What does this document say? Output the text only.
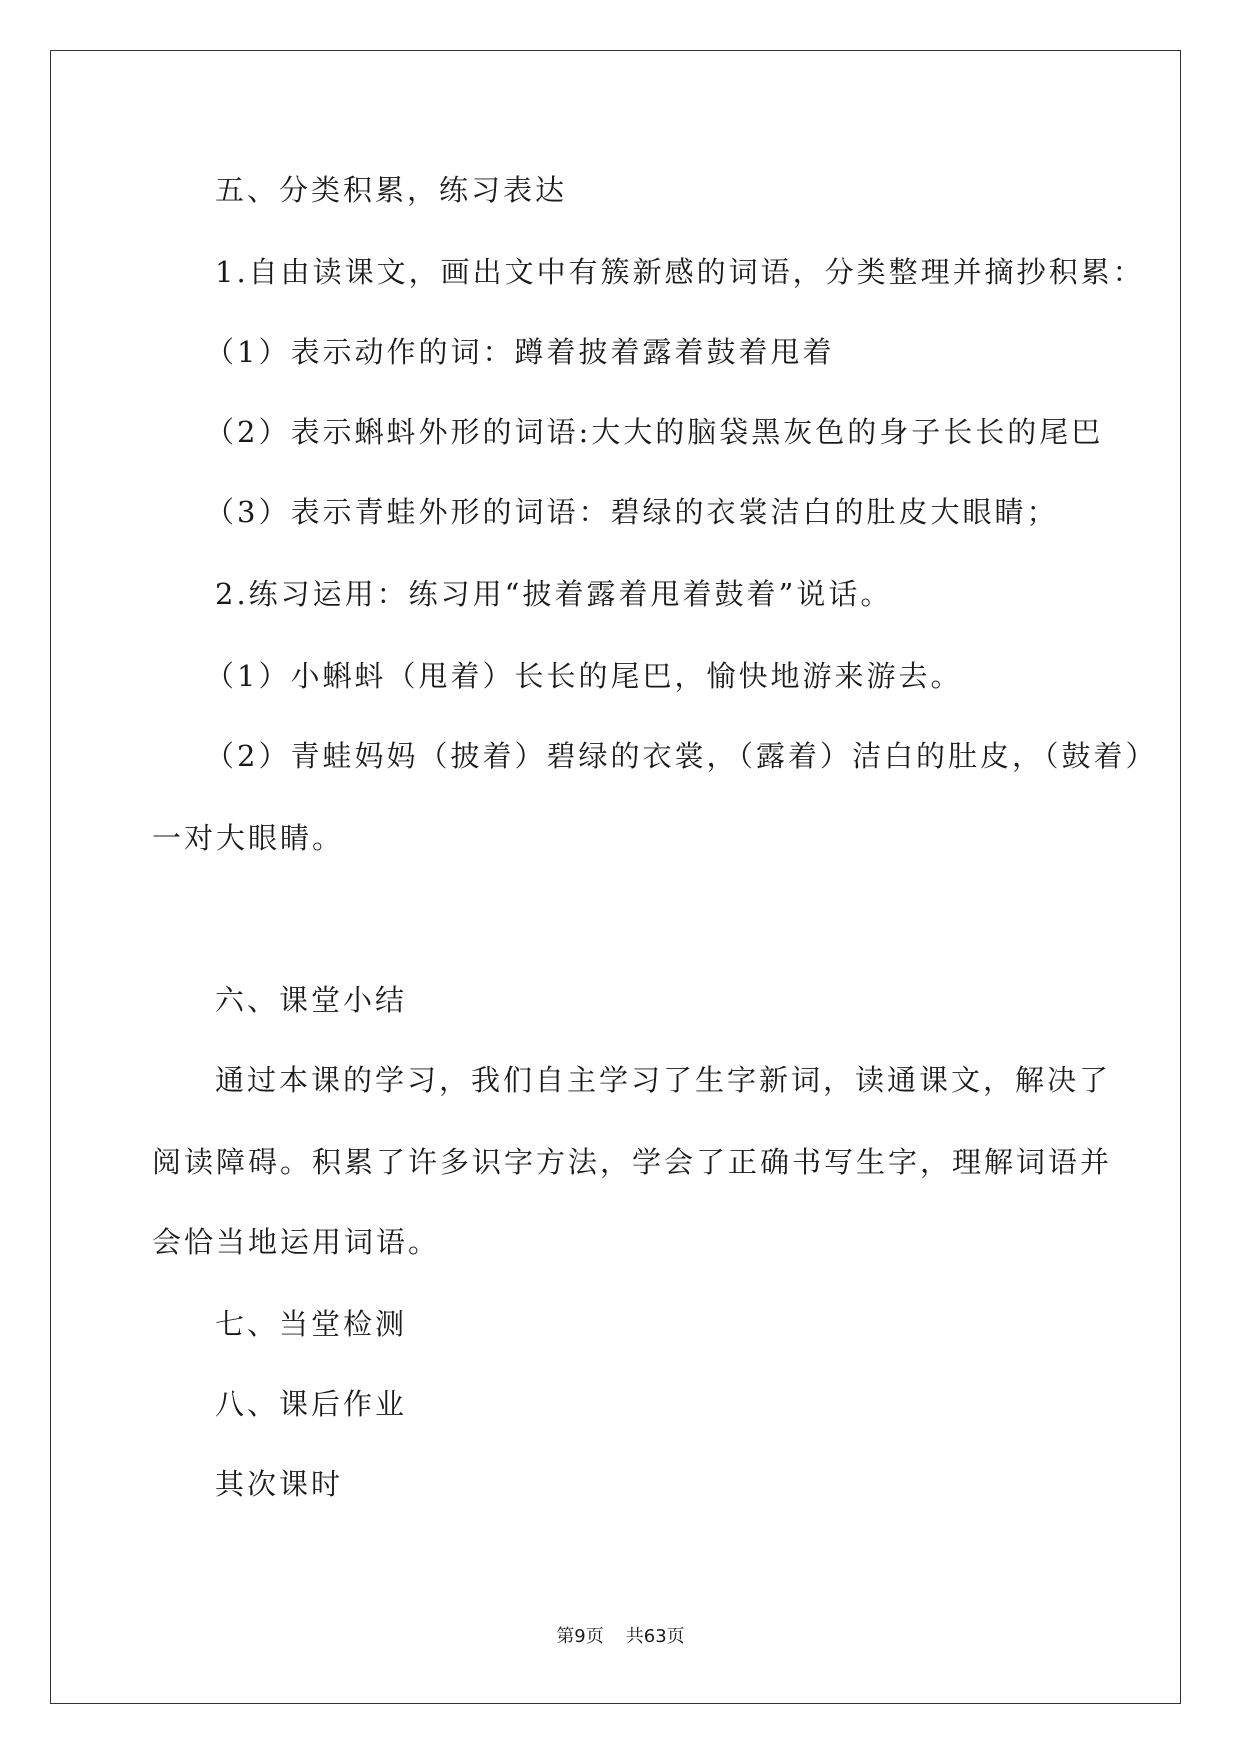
五、分类积累，练习表达
1.自由读课文，画出文中有簇新感的词语，分类整理并摘抄积累：
（1）表示动作的词：蹲着披着露着鼓着甩着
（2）表示蝌蚪外形的词语:大大的脑袋黑灰色的身子长长的尾巴
（3）表示青蛙外形的词语：碧绿的衣裳洁白的肚皮大眼睛；
2.练习运用：练习用“披着露着甩着鼓着”说话。
（1）小蝌蚪（甩着）长长的尾巴，愉快地游来游去。
（2）青蛙妈妈（披着）碧绿的衣裳，（露着）洁白的肚皮，（鼓着）
一对大眼睛。
六、课堂小结
通过本课的学习，我们自主学习了生字新词，读通课文，解决了
阅读障碍。积累了许多识字方法，学会了正确书写生字，理解词语并
会恰当地运用词语。
七、当堂检测
八、课后作业
其次课时
第9页 共63页
